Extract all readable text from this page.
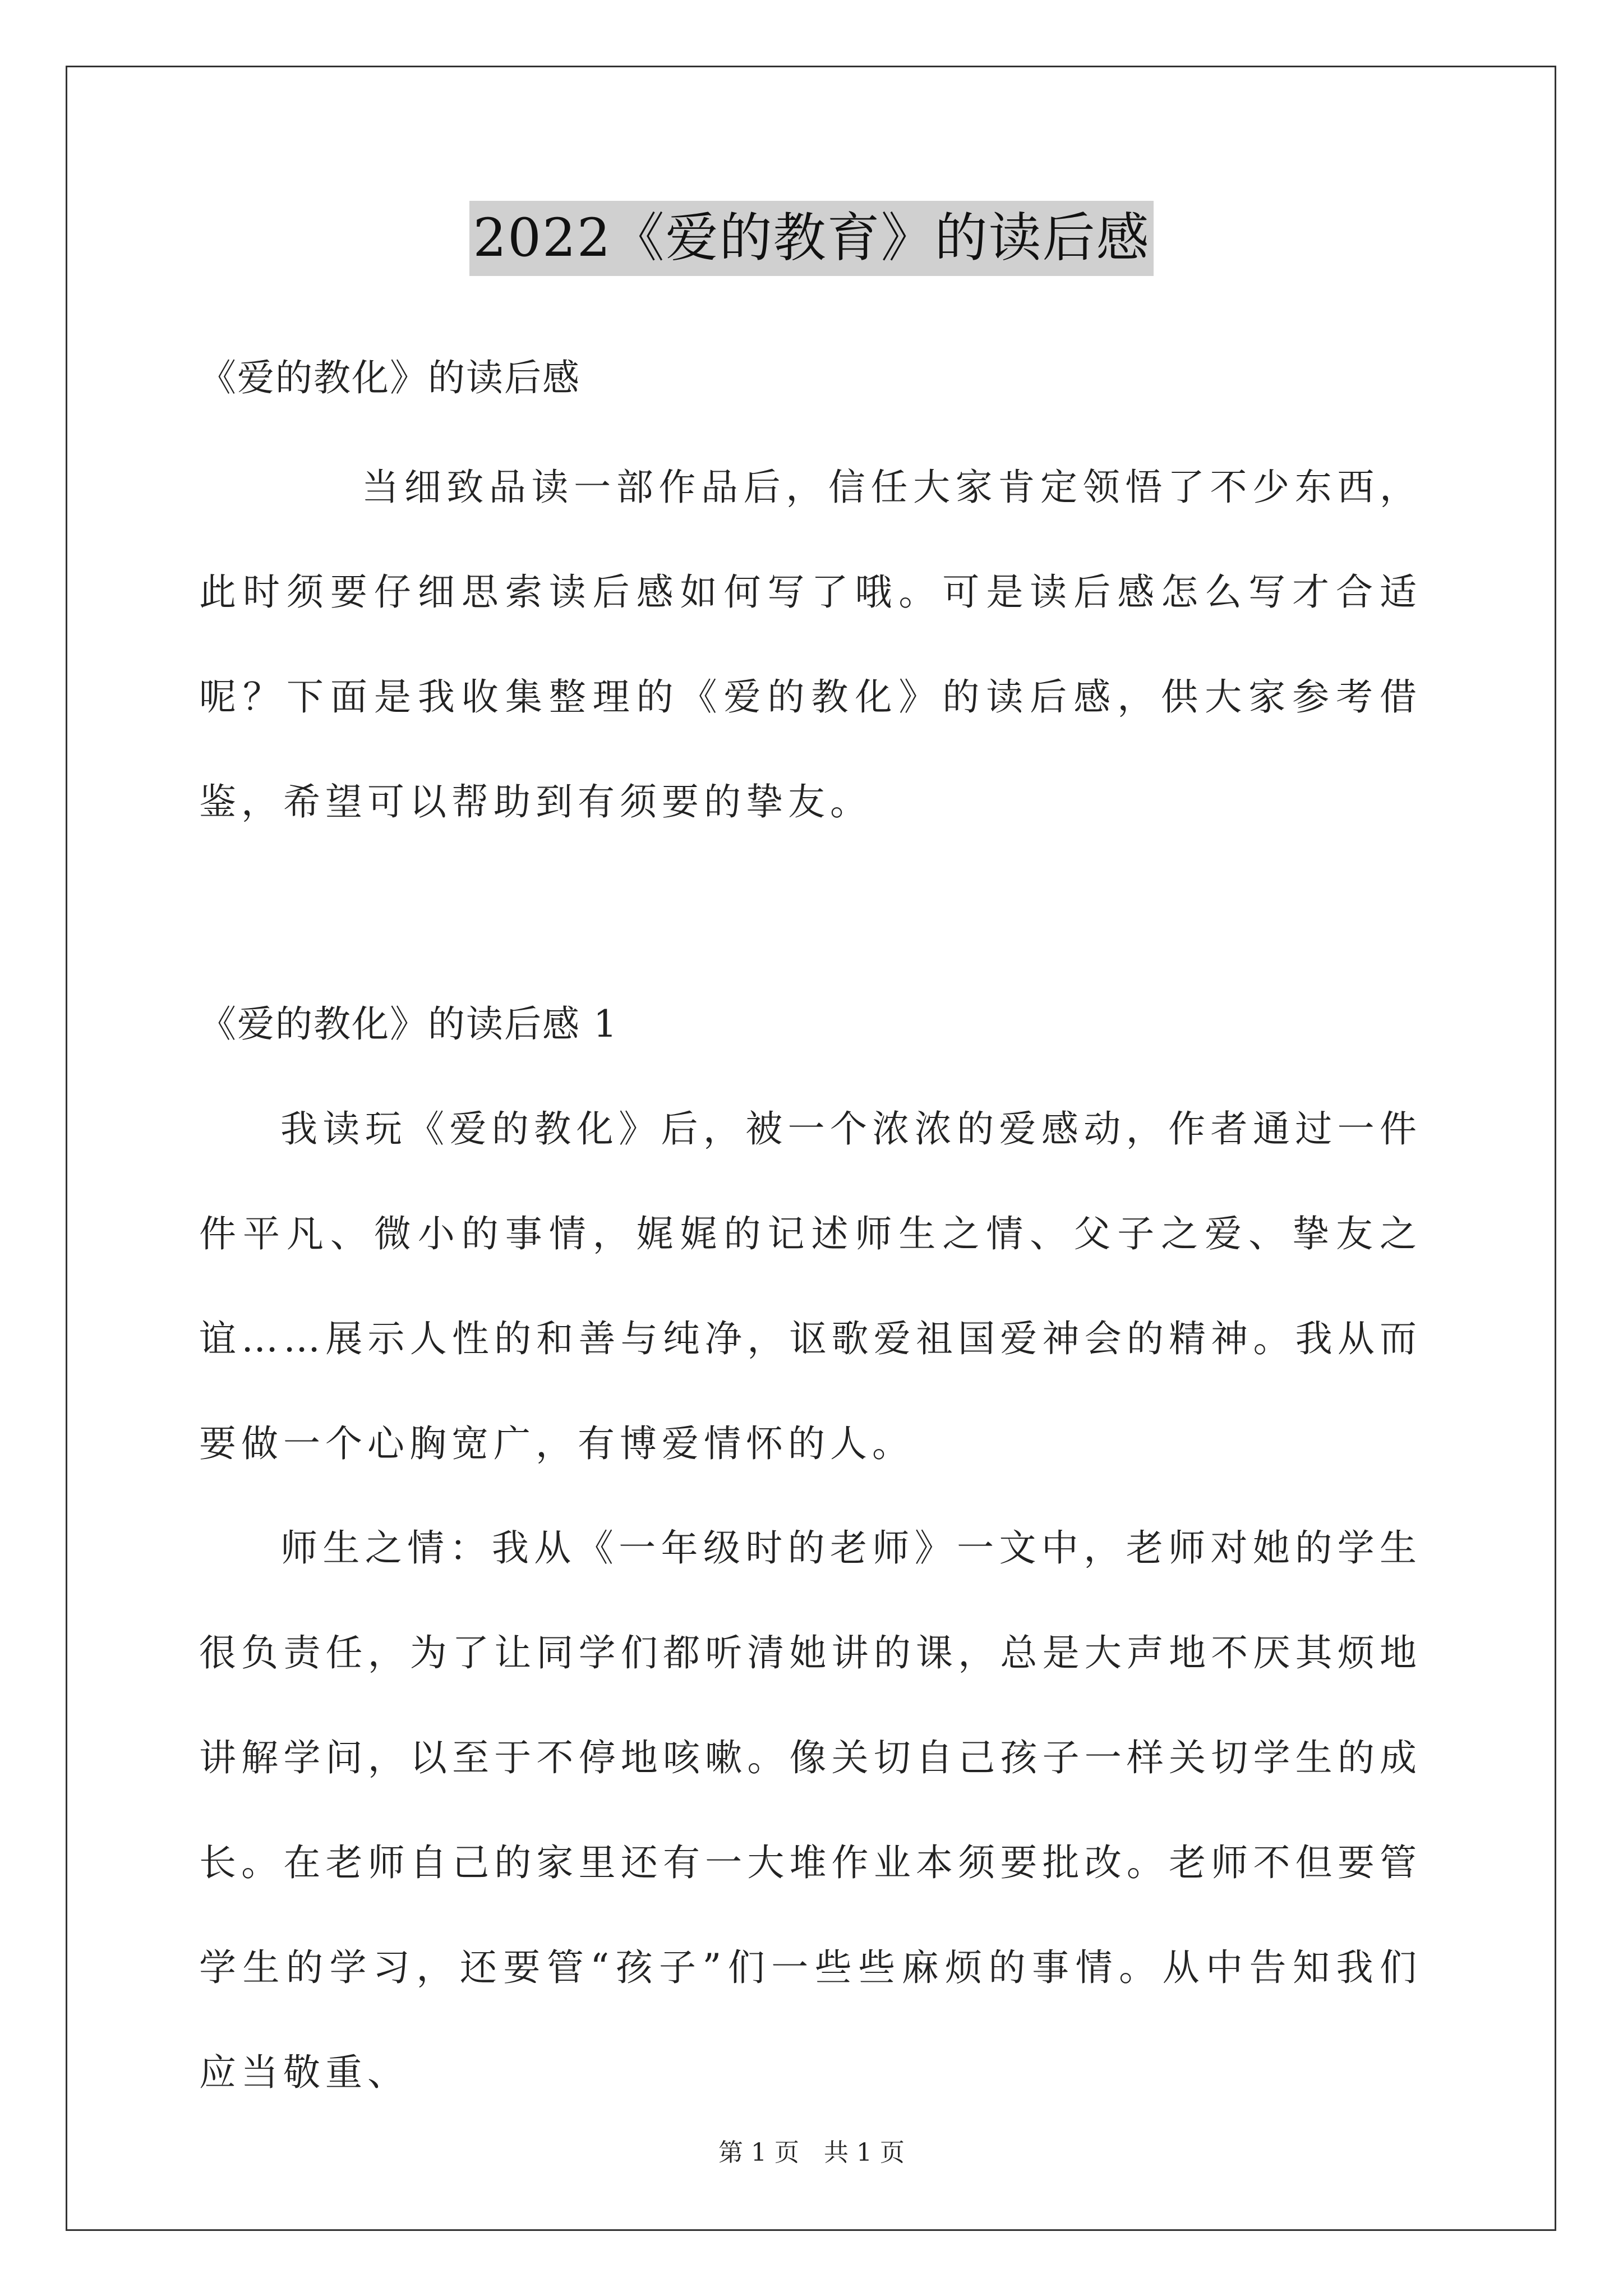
2022《爱的教育》的读后感
《爱的教化》的读后感

当细致品读一部作品后，信任大家肯定领悟了不少东西，此时须要仔细思索读后感如何写了哦。可是读后感怎么写才合适呢？下面是我收集整理的《爱的教化》的读后感，供大家参考借鉴，希望可以帮助到有须要的挚友。

《爱的教化》的读后感 1

我读玩《爱的教化》后，被一个浓浓的爱感动，作者通过一件件平凡、微小的事情，娓娓的记述师生之情、父子之爱、挚友之谊……展示人性的和善与纯净，讴歌爱祖国爱神会的精神。我从而要做一个心胸宽广，有博爱情怀的人。

师生之情：我从《一年级时的老师》一文中，老师对她的学生很负责任，为了让同学们都听清她讲的课，总是大声地不厌其烦地讲解学问，以至于不停地咳嗽。像关切自己孩子一样关切学生的成长。在老师自己的家里还有一大堆作业本须要批改。老师不但要管学生的学习，还要管“孩子”们一些些麻烦的事情。从中告知我们应当敬重、

第 1 页　共 1 页
